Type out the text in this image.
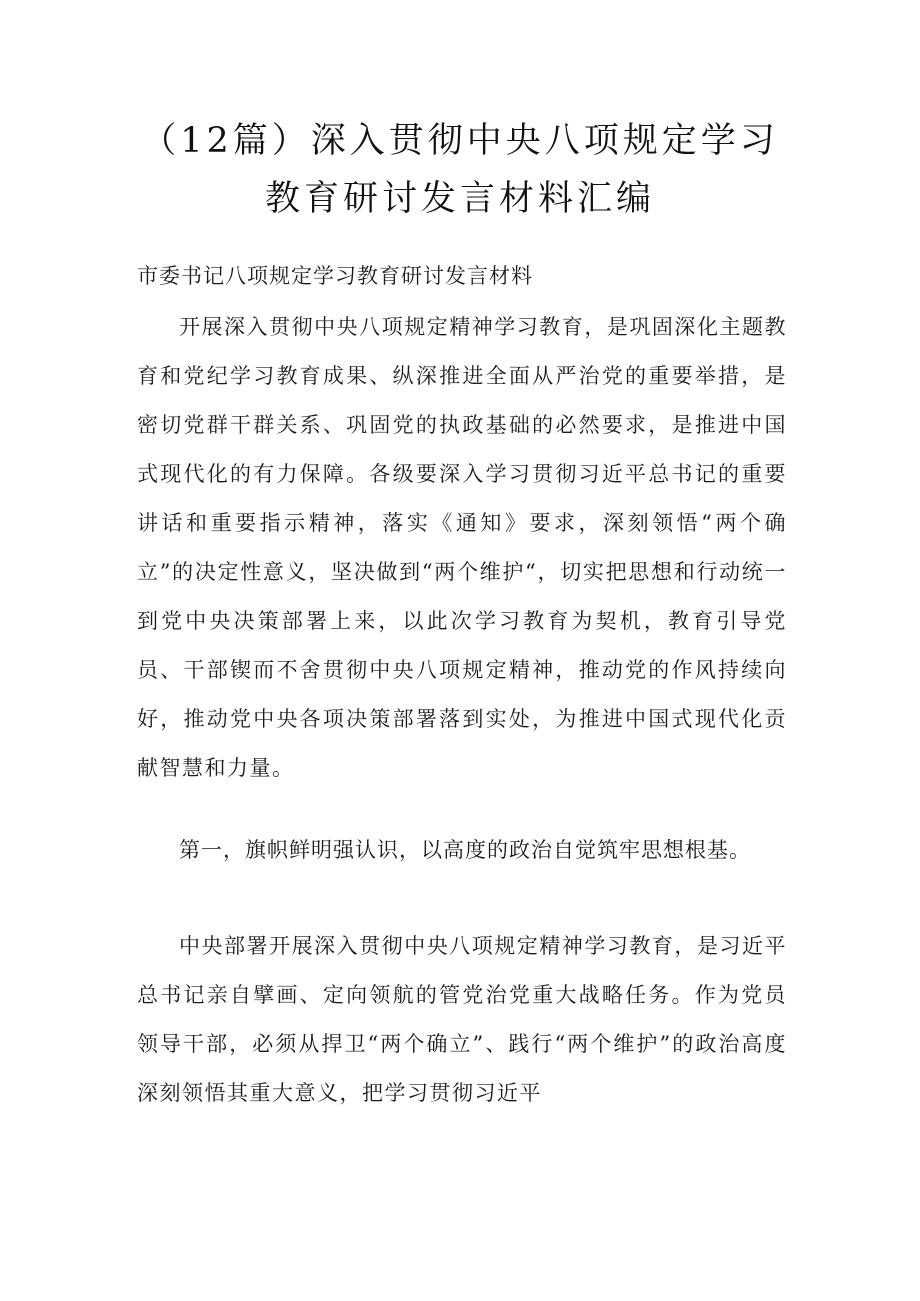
（12篇）深入贯彻中央八项规定学习教育研讨发言材料汇编

市委书记八项规定学习教育研讨发言材料

开展深入贯彻中央八项规定精神学习教育，是巩固深化主题教育和党纪学习教育成果、纵深推进全面从严治党的重要举措，是密切党群干群关系、巩固党的执政基础的必然要求，是推进中国式现代化的有力保障。各级要深入学习贯彻习近平总书记的重要讲话和重要指示精神，落实《通知》要求，深刻领悟“两个确立”的决定性意义，坚决做到“两个维护“，切实把思想和行动统一到党中央决策部署上来，以此次学习教育为契机，教育引导党员、干部锲而不舍贯彻中央八项规定精神，推动党的作风持续向好，推动党中央各项决策部署落到实处，为推进中国式现代化贡献智慧和力量。

第一，旗帜鲜明强认识，以高度的政治自觉筑牢思想根基。

中央部署开展深入贯彻中央八项规定精神学习教育，是习近平总书记亲自擘画、定向领航的管党治党重大战略任务。作为党员领导干部，必须从捍卫“两个确立”、践行“两个维护”的政治高度深刻领悟其重大意义，把学习贯彻习近平
